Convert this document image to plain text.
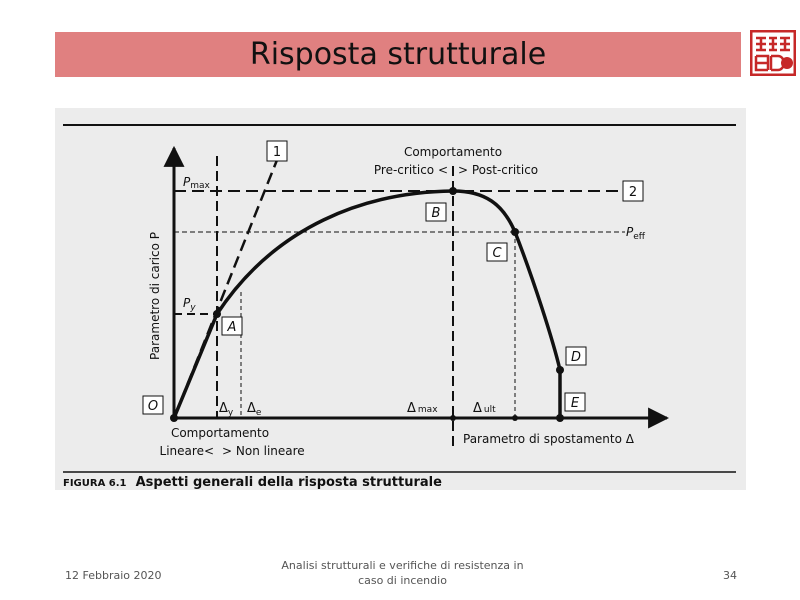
Risposta strutturale
O
A
B
C
D
E
1
2
Pmax
$P_y$
$P_{eff}$
$\Delta_y$ $\Delta_e$	Δ max	Δ ult
Parametro di carico P
Parametro di spostamento Δ
Comportamento
Pre-critico < > Post-critico
Comportamento
Lineare< > Non lineare
FIGURA 6.1 Aspetti generali della risposta strutturale
12 Febbraio 2020
Analisi strutturali e verifiche di resistenza in
caso di incendio	34
